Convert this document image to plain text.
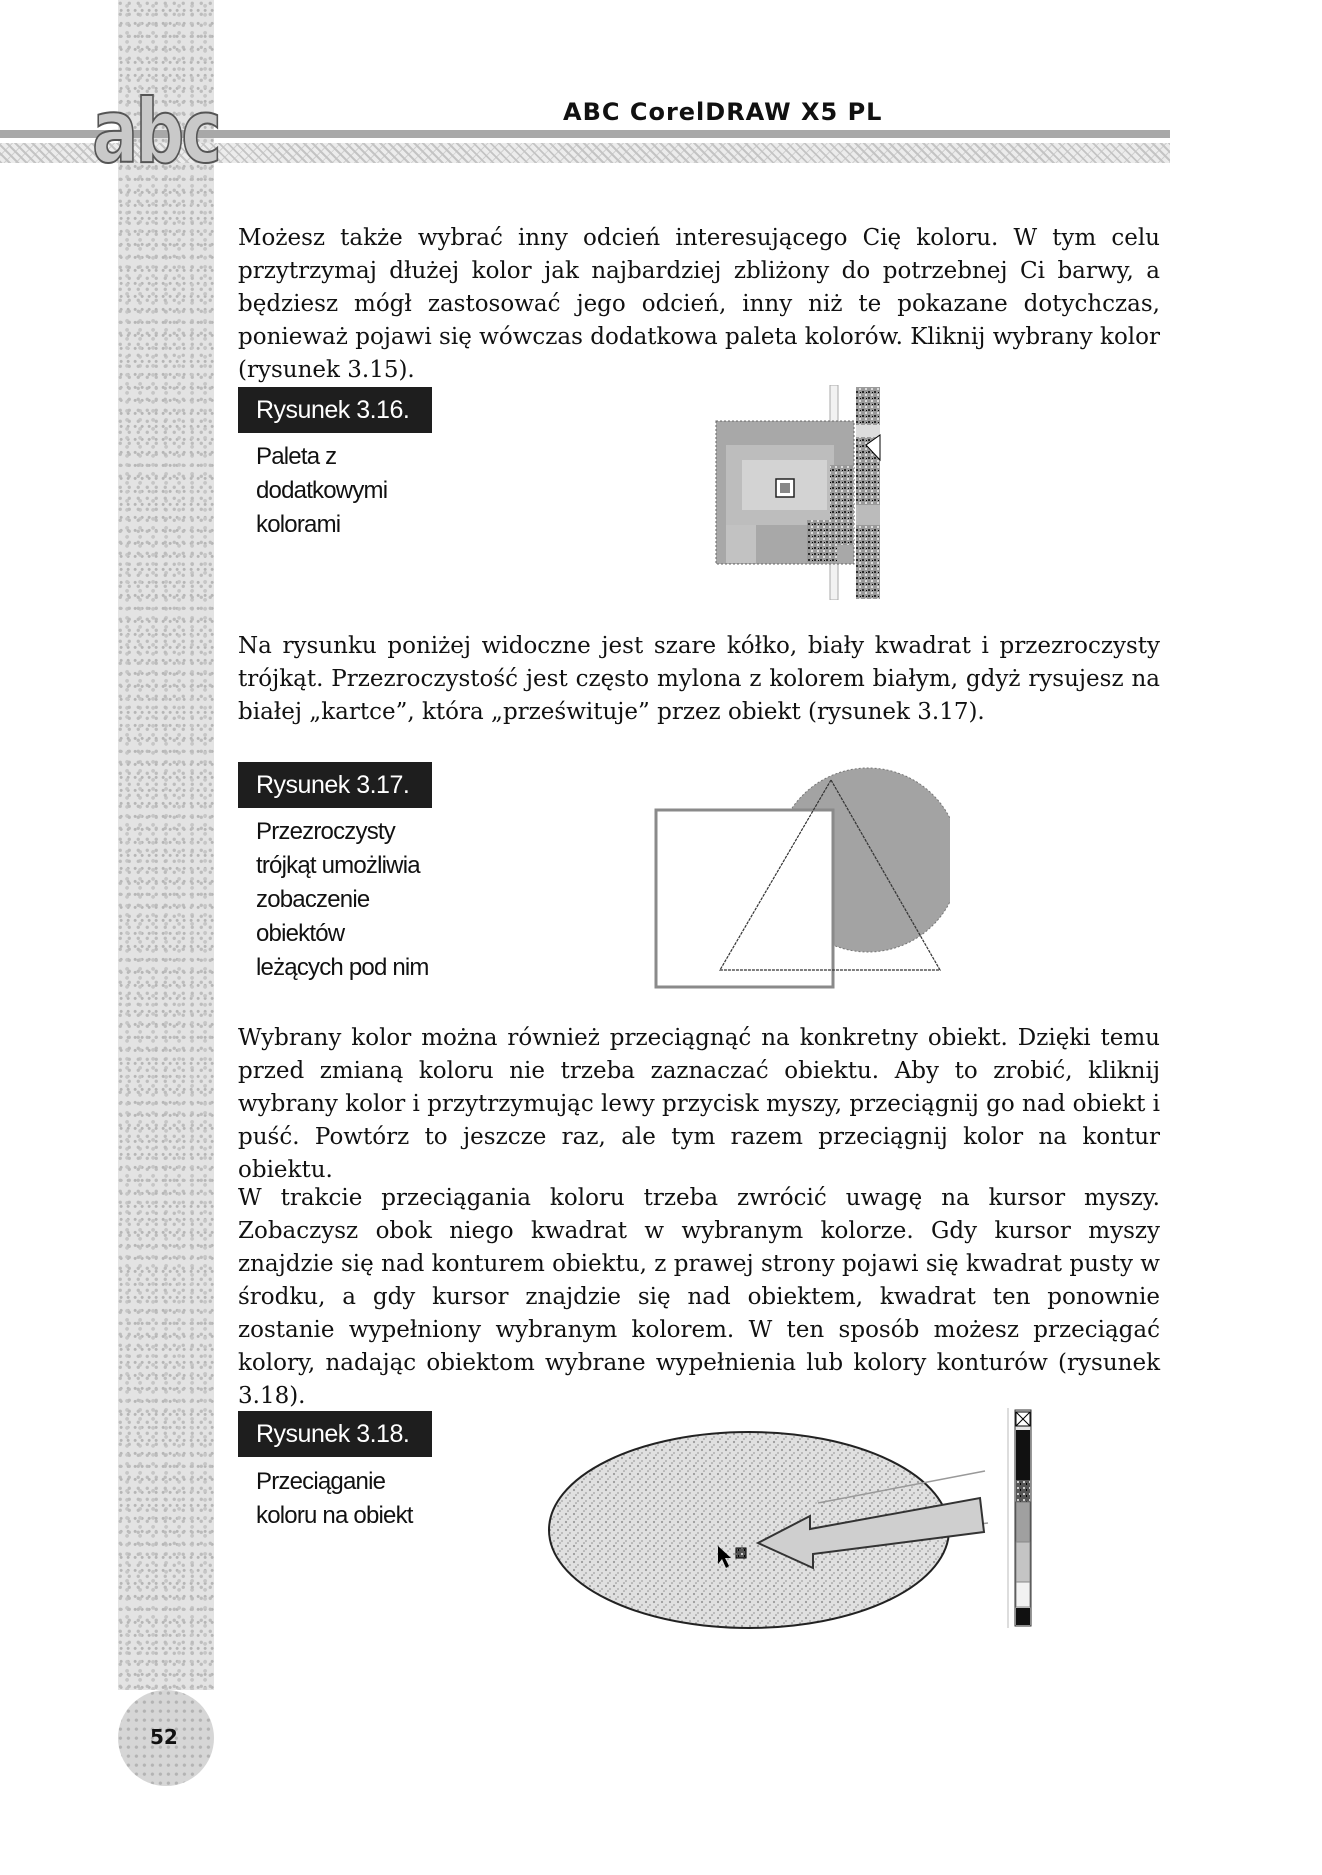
abc	ABC CorelDRAW X5 PL

Możesz także wybrać inny odcień interesującego Cię koloru. W tym celu przytrzymaj dłużej kolor jak najbardziej zbliżony do potrzebnej Ci barwy, a będziesz mógł zastosować jego odcień, inny niż te pokazane dotychczas, ponieważ pojawi się wówczas dodatkowa paleta kolorów. Kliknij wybrany kolor (rysunek 3.15).

Rysunek 3.16.
Paleta z dodatkowymi kolorami

Na rysunku poniżej widoczne jest szare kółko, biały kwadrat i przezroczysty trójkąt. Przezroczystość jest często mylona z kolorem białym, gdyż rysujesz na białej „kartce”, która „prześwituje” przez obiekt (rysunek 3.17).

Rysunek 3.17.
Przezroczysty trójkąt umożliwia zobaczenie obiektów leżących pod nim

Wybrany kolor można również przeciągnąć na konkretny obiekt. Dzięki temu przed zmianą koloru nie trzeba zaznaczać obiektu. Aby to zrobić, kliknij wybrany kolor i przytrzymując lewy przycisk myszy, przeciągnij go nad obiekt i puść. Powtórz to jeszcze raz, ale tym razem przeciągnij kolor na kontur obiektu.

W trakcie przeciągania koloru trzeba zwrócić uwagę na kursor myszy. Zobaczysz obok niego kwadrat w wybranym kolorze. Gdy kursor myszy znajdzie się nad konturem obiektu, z prawej strony pojawi się kwadrat pusty w środku, a gdy kursor znajdzie się nad obiektem, kwadrat ten ponownie zostanie wypełniony wybranym kolorem. W ten sposób możesz przeciągać kolory, nadając obiektom wybrane wypełnienia lub kolory konturów (rysunek 3.18).

Rysunek 3.18.
Przeciąganie koloru na obiekt
52
